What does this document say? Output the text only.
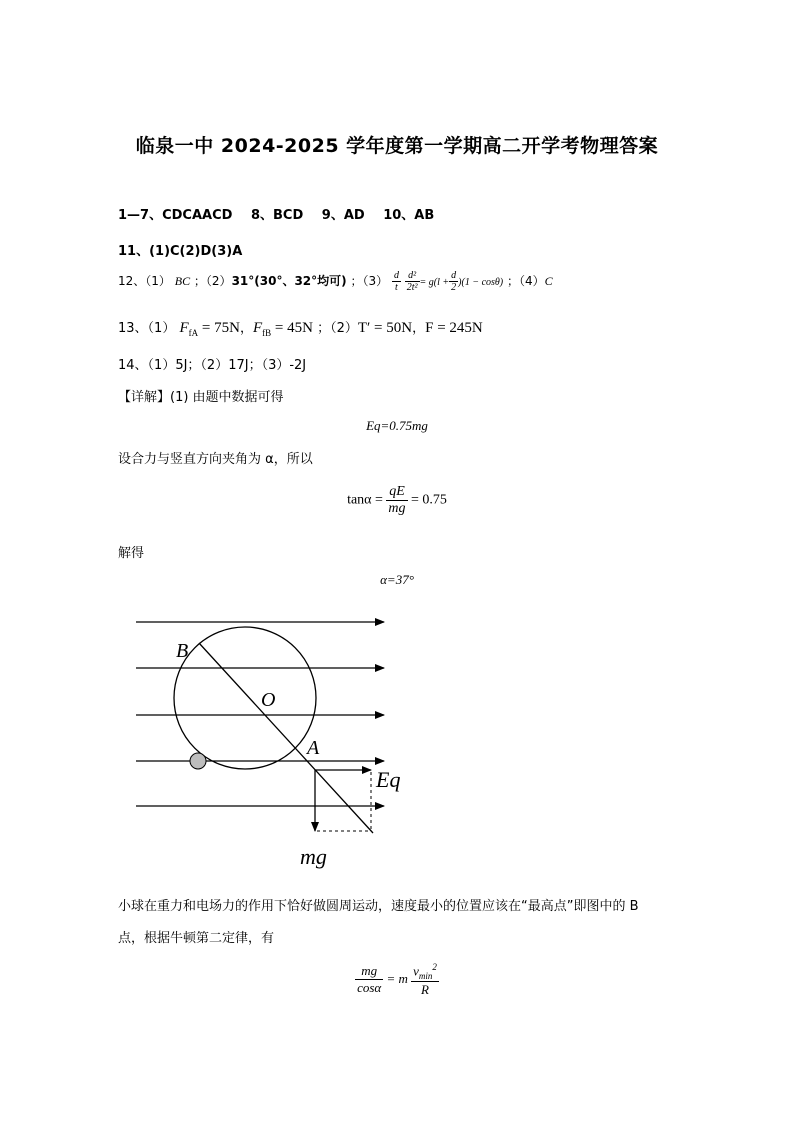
临泉一中 2024-2025 学年度第一学期高二开学考物理答案
1—7、CDCAACD 8、BCD 9、AD 10、AB
11、(1)C(2)D(3)A
12、（1） BC ；（2）31°(30°、32°均可) ；$(3) \frac{d}{t}$
$\frac{\text{d²}}{\text{2t²}} = g(l + \frac{d}{2} )(1 - \cos\theta)$ ；（4）C
13、（1） $F_{fA} = 75N$，$F_{fB} = 45N$ ；（2）T′ = 50N，F = 245N
14、（1）5J；（2）17J；（3）-2J
【详解】(1) 由题中数据可得
Eq=0.75mg
设合力与竖直方向夹角为 α，所以
$\tan\alpha = \frac{qE}{mg} = 0.75$
解得
α=37°
B
O
A
Eq
mg
小球在重力和电场力的作用下恰好做圆周运动，速度最小的位置应该在“最高点”即图中的 B
点，根据牛顿第二定律，有
$\frac{mg}{\cos\alpha} = m \frac{v_{min}^2}{R}$
